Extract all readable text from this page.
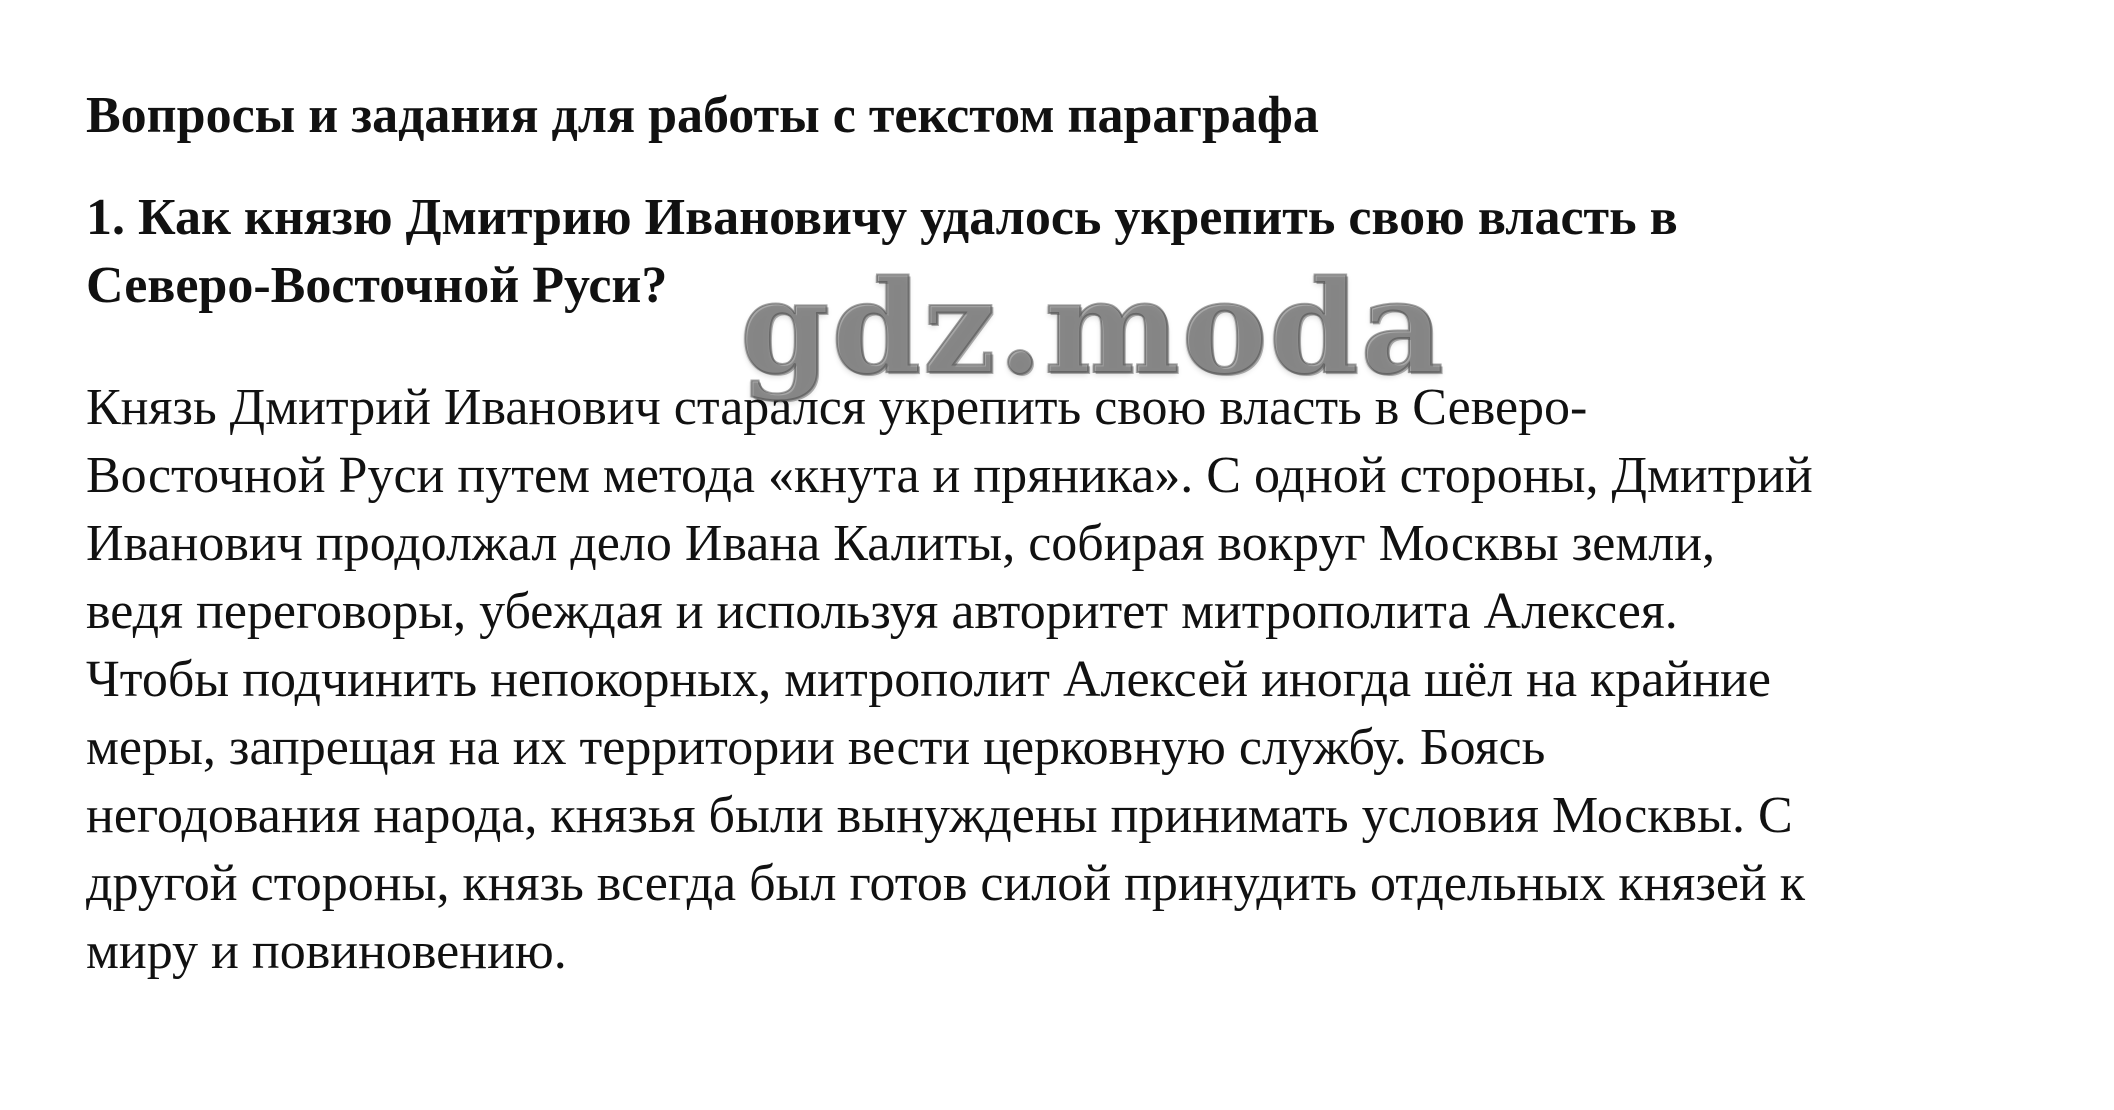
Вопросы и задания для работы с текстом параграфа
1. Как князю Дмитрию Ивановичу удалось укрепить свою власть в
Северо-Восточной Руси?
Князь Дмитрий Иванович старался укрепить свою власть в Северо-
Восточной Руси путем метода «кнута и пряника». С одной стороны, Дмитрий
Иванович продолжал дело Ивана Калиты, собирая вокруг Москвы земли,
ведя переговоры, убеждая и используя авторитет митрополита Алексея.
Чтобы подчинить непокорных, митрополит Алексей иногда шёл на крайние
меры, запрещая на их территории вести церковную службу. Боясь
негодования народа, князья были вынуждены принимать условия Москвы. С
другой стороны, князь всегда был готов силой принудить отдельных князей к
миру и повиновению.
gdz.moda
